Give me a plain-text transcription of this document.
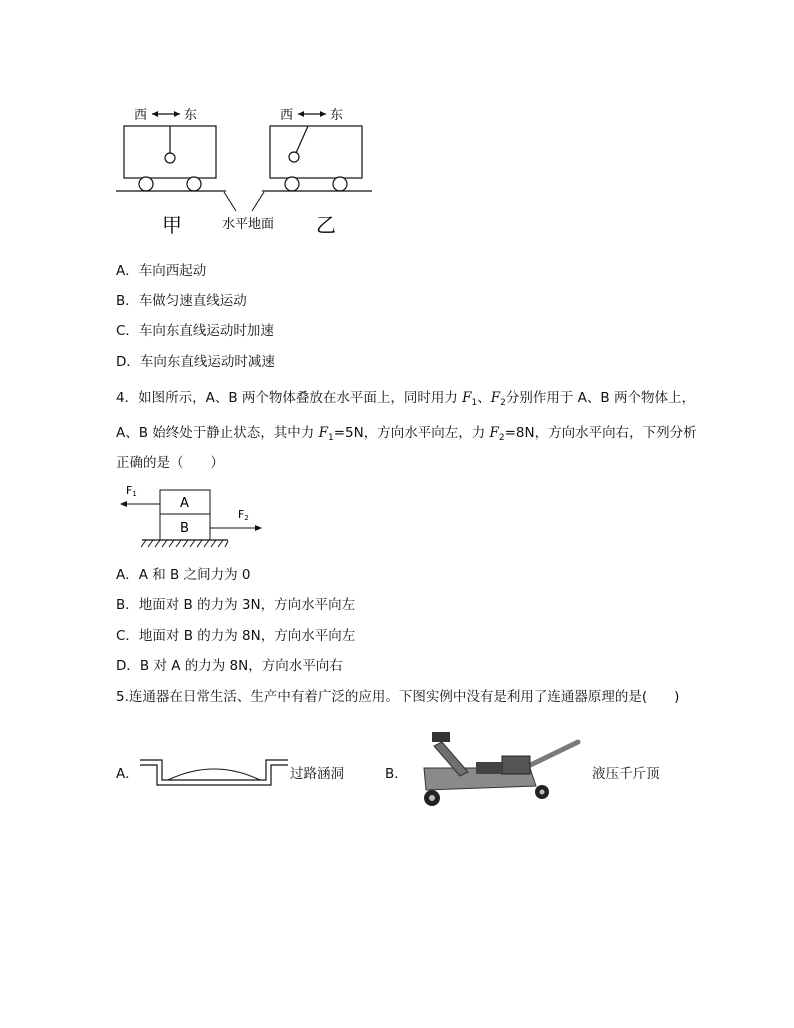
西	东	西	东
甲	水平地面 乙
A．车向西起动
B．车做匀速直线运动
C．车向东直线运动时加速
D．车向东直线运动时减速
4．如图所示，A、B 两个物体叠放在水平面上，同时用力 $F_1$、$F_2$分别作用于 A、B 两个物体上，
A、B 始终处于静止状态，其中力 $F_1=5N$，方向水平向左，力 $F_2=8N$，方向水平向右，下列分析
正确的是（　　）
F1
A
B
F2
A．A 和 B 之间力为 0
B．地面对 B 的力为 3N，方向水平向左
C．地面对 B 的力为 8N，方向水平向左
D．B 对 A 的力为 8N，方向水平向右
5.连通器在日常生活、生产中有着广泛的应用。下图实例中没有是利用了连通器原理的是(　　)
A．	过路涵洞	B．	液压千斤顶
